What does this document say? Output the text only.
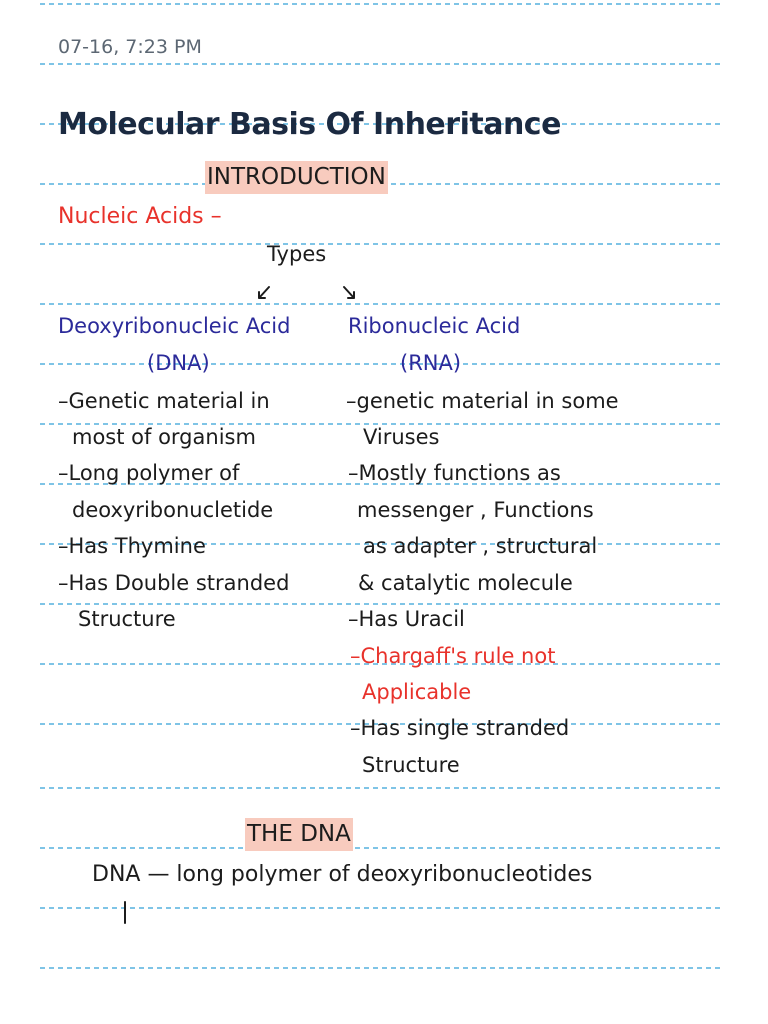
07-16, 7:23 PM
Molecular Basis Of Inheritance
INTRODUCTION
Nucleic Acids –
Types
Deoxyribonucleic Acid
(DNA)
–Genetic material in
most of organism
–Long polymer of
deoxyribonucletide
–Has Thymine
–Has Double stranded
Structure
Ribonucleic Acid
(RNA)
–genetic material in some
Viruses
–Mostly functions as
messenger , Functions
as adapter , structural
& catalytic molecule
–Has Uracil
–Chargaff's rule not
Applicable
–Has single stranded
Structure
THE DNA
DNA — long polymer of deoxyribonucleotides
